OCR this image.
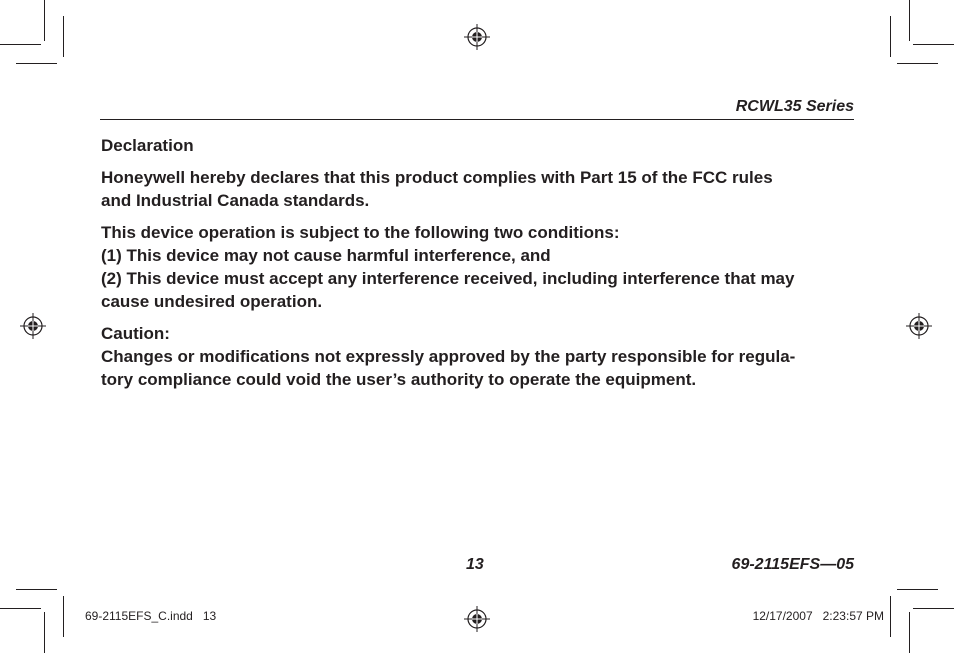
RCWL35 Series
Declaration
Honeywell hereby declares that this product complies with Part 15 of the FCC rules
and Industrial Canada standards.
This device operation is subject to the following two conditions:
(1) This device may not cause harmful interference, and
(2) This device must accept any interference received, including interference that may
cause undesired operation.
Caution:
Changes or modifications not expressly approved by the party responsible for regula-
tory compliance could void the user’s authority to operate the equipment.
13	69-2115EFS—05
69-2115EFS_C.indd   13	12/17/2007   2:23:57 PM
